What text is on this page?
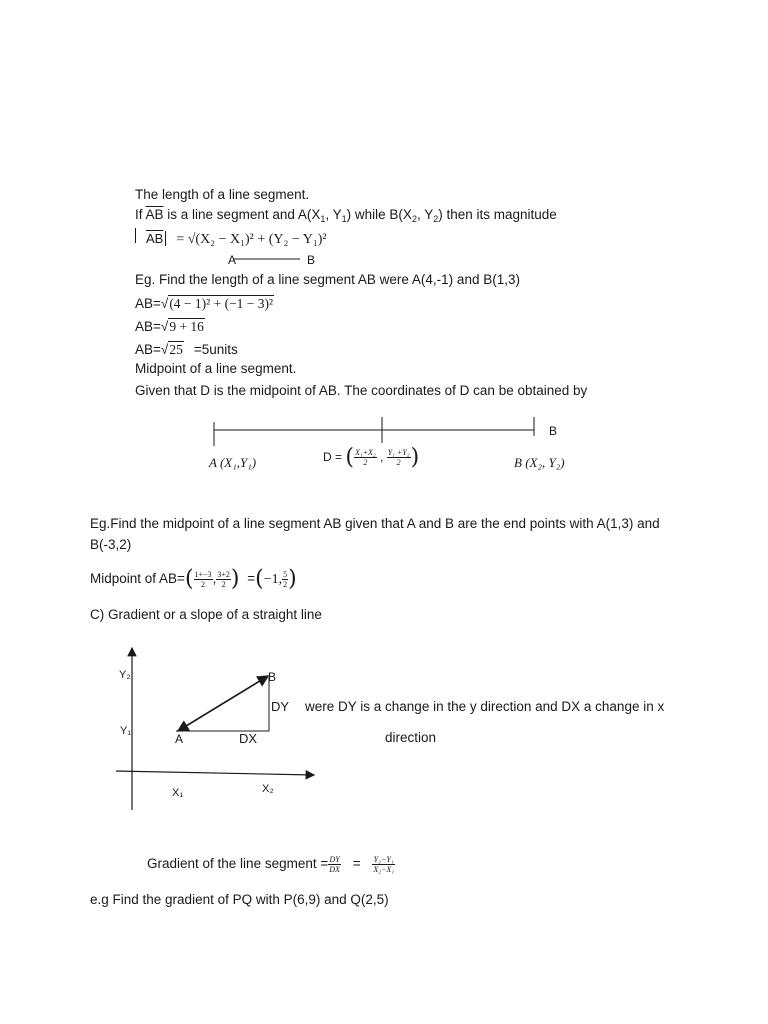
The length of a line segment.
If $\overline{AB}$ is a line segment and $A(X_1$, $Y_1$) while $B(X_2$, $Y_2$) then its magnitude
$\overline{AB} = √(X_2 - X_1)^2 + (Y_2 - Y_1)^2$
A	B
Eg. Find the length of a line segment AB were A(4,-1) and B(1,3)
AB=√(4 − 1)² + (−1 − 3)²
AB=√9 + 16
AB=√25 =5units
Midpoint of a line segment.
Given that D is the midpoint of AB. The coordinates of D can be obtained by
B
A (X₁,Y₁)	D = ( $\frac{\text{X₁+X₂}}{2}$ , $\frac{\text{Y₁ +Y₂}}{2}$ )	B (X₂, Y₂)
Eg.Find the midpoint of a line segment AB given that A and B are the end points with A(1,3) and
B(-3,2)
Midpoint of $AB=( \frac{1+-3}{2}$ , $\frac{3+2}{2}$ ) =(−1, $\frac{5}{2}$ )
C) Gradient or a slope of a straight line
Y₂
Y₁
X₁	X₂
A
B
DY
DX
were DY is a change in the y direction and DX a change in x
direction
Gradient of the line segment = $\frac{DY}{DX} = \frac{\text{Y₂−Y₁}}{\text{X₂−X₁}}$
e.g Find the gradient of PQ with P(6,9) and Q(2,5)
